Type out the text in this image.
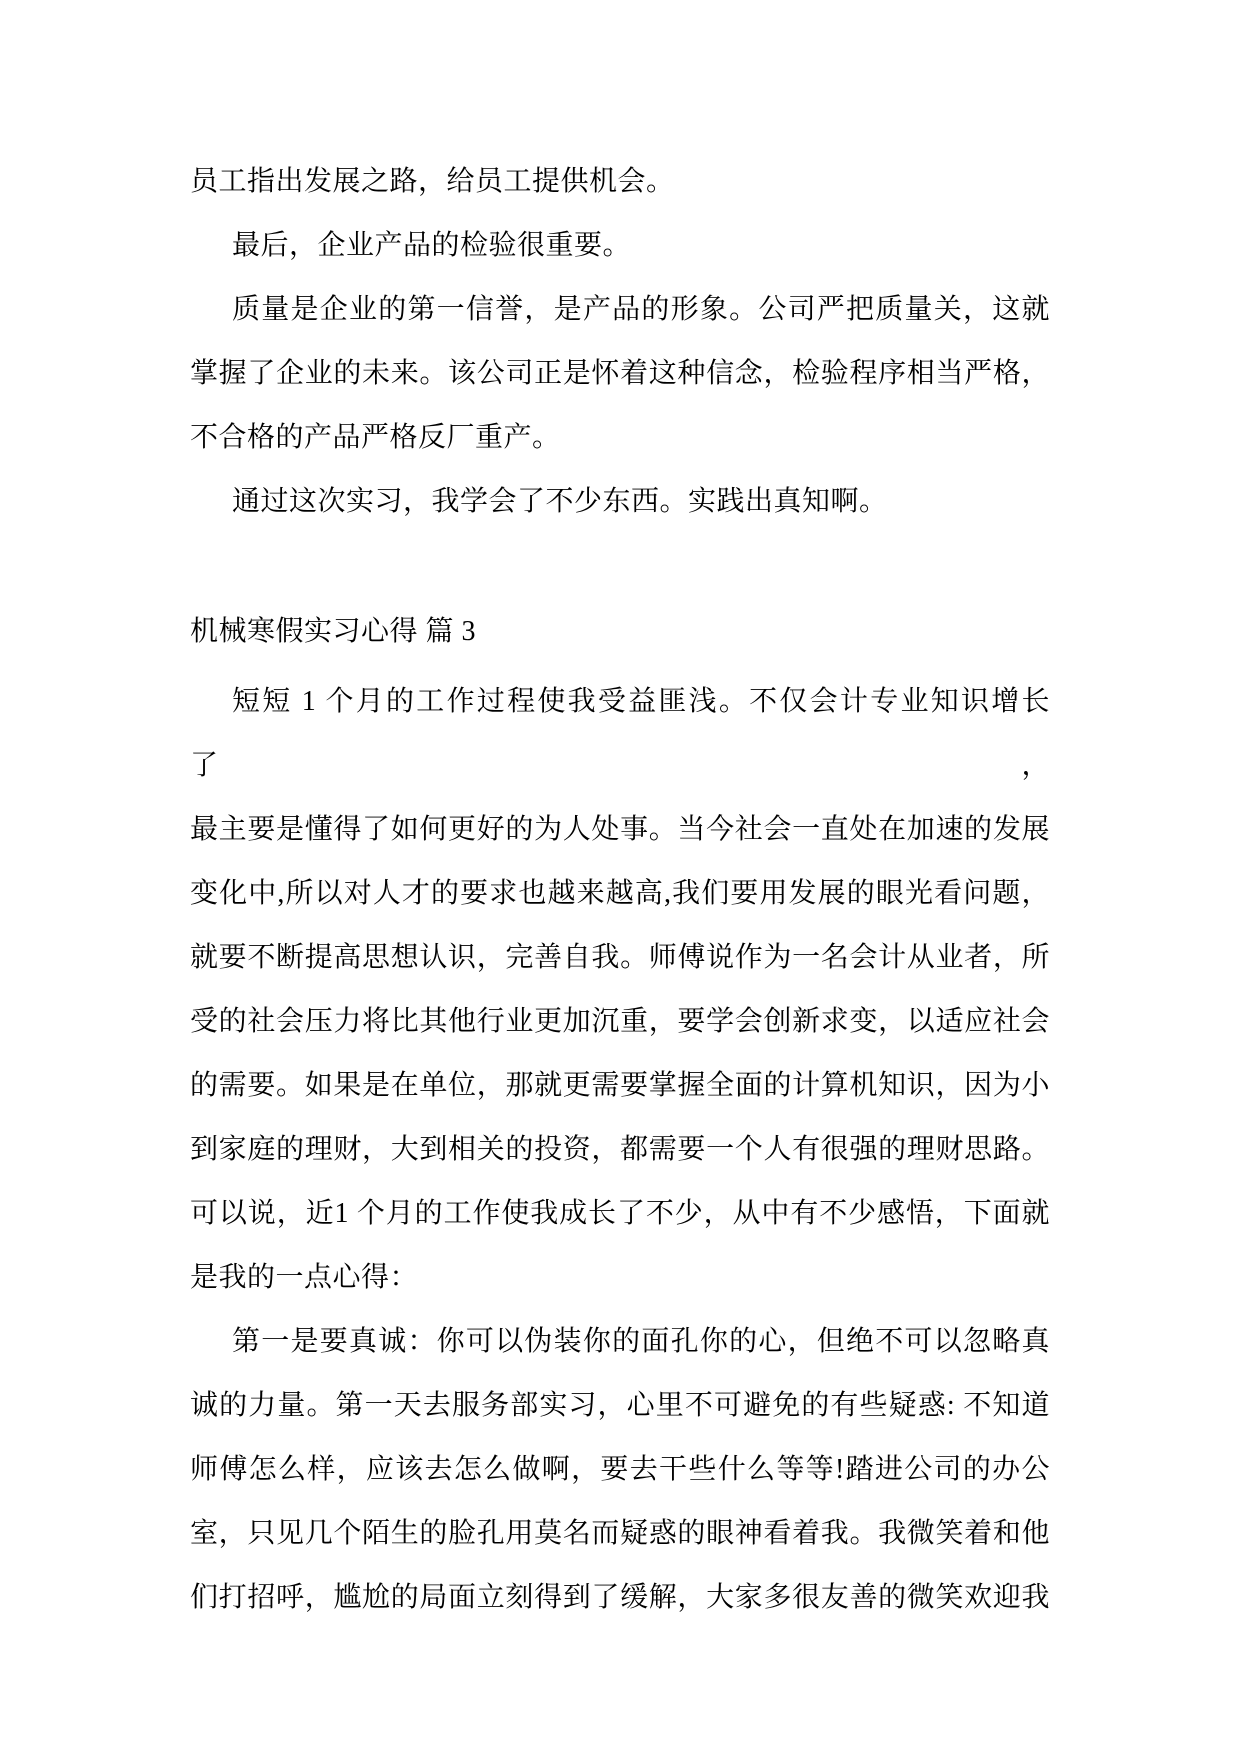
员工指出发展之路，给员工提供机会。
最后，企业产品的检验很重要。
质量是企业的第一信誉，是产品的形象。公司严把质量关，这就
掌握了企业的未来。该公司正是怀着这种信念，检验程序相当严格，
不合格的产品严格反厂重产。
通过这次实习，我学会了不少东西。实践出真知啊。
机械寒假实习心得 篇 3
短短 1 个月的工作过程使我受益匪浅。不仅会计专业知识增长了，
最主要是懂得了如何更好的为人处事。当今社会一直处在加速的发展
变化中,所以对人才的要求也越来越高,我们要用发展的眼光看问题，
就要不断提高思想认识，完善自我。师傅说作为一名会计从业者，所
受的社会压力将比其他行业更加沉重，要学会创新求变，以适应社会
的需要。如果是在单位，那就更需要掌握全面的计算机知识，因为小
到家庭的理财，大到相关的投资，都需要一个人有很强的理财思路。
可以说，近1 个月的工作使我成长了不少，从中有不少感悟，下面就
是我的一点心得：
第一是要真诚：你可以伪装你的面孔你的心，但绝不可以忽略真
诚的力量。第一天去服务部实习，心里不可避免的有些疑惑: 不知道
师傅怎么样，应该去怎么做啊，要去干些什么等等!踏进公司的办公
室，只见几个陌生的脸孔用莫名而疑惑的眼神看着我。我微笑着和他
们打招呼，尴尬的局面立刻得到了缓解，大家多很友善的微笑欢迎我
